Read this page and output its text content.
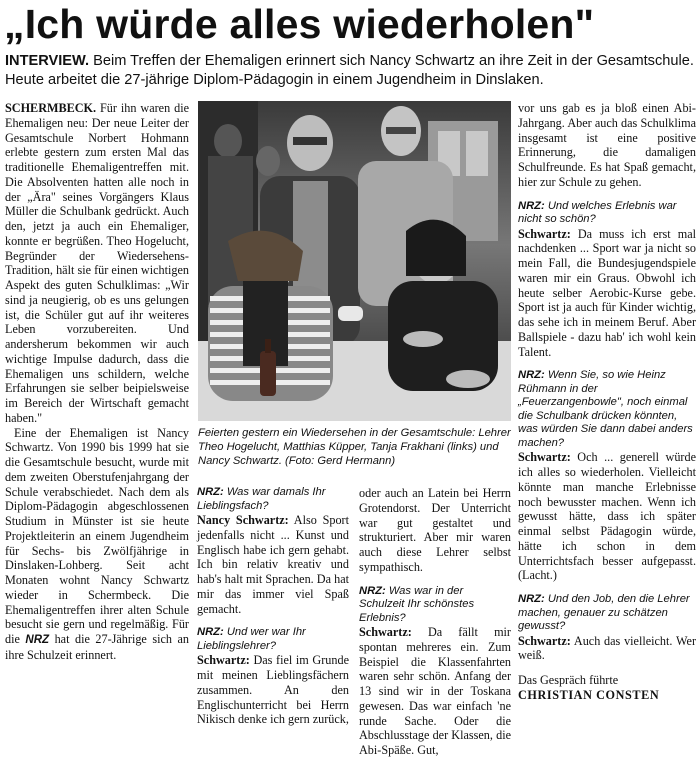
„Ich würde alles wiederholen"
INTERVIEW. Beim Treffen der Ehemaligen erinnert sich Nancy Schwartz an ihre Zeit in der Gesamtschule. Heute arbeitet die 27-jährige Diplom-Pädagogin in einem Jugendheim in Dinslaken.

SCHERMBECK. Für ihn waren die Ehemaligen neu: Der neue Leiter der Gesamtschule Norbert Hohmann erlebte gestern zum ersten Mal das traditionelle Ehemaligentreffen mit. Die Absolventen hatten alle noch in der „Ära" seines Vorgängers Klaus Müller die Schulbank gedrückt. Auch den, jetzt ja auch ein Ehemaliger, konnte er begrüßen. Theo Hogelucht, Begründer der Wiedersehens-Tradition, hält sie für einen wichtigen Aspekt des guten Schulklimas: „Wir sind ja neugierig, ob es uns gelungen ist, die Schüler gut auf ihr weiteres Leben vorzubereiten. Und andersherum bekommen wir auch wichtige Impulse dadurch, dass die Ehemaligen uns schildern, welche Erfahrungen sie selber beipielsweise im Bereich der Wirtschaft gemacht haben."

Eine der Ehemaligen ist Nancy Schwartz. Von 1990 bis 1999 hat sie die Gesamtschule besucht, wurde mit dem zweiten Oberstufenjahrgang der Schule verabschiedet. Nach dem als Diplom-Pädagogin abgeschlossenen Studium in Münster ist sie heute Projektleiterin an einem Jugendheim für Sechs- bis Zwölfjährige in Dinslaken-Lohberg. Seit acht Monaten wohnt Nancy Schwartz wieder in Schermbeck. Die Ehemaligentreffen ihrer alten Schule besucht sie gern und regelmäßig. Für die NRZ hat die 27-Jährige sich an ihre Schulzeit erinnert.

Feierten gestern ein Wiedersehen in der Gesamtschule: Lehrer Theo Hogelucht, Matthias Küpper, Tanja Frakhani (links) und Nancy Schwartz. (Foto: Gerd Hermann)

NRZ: Was war damals Ihr Lieblingsfach?

Nancy Schwartz: Also Sport jedenfalls nicht ... Kunst und Englisch habe ich gern gehabt. Ich bin relativ kreativ und hab's halt mit Sprachen. Da hat mir das immer viel Spaß gemacht.

NRZ: Und wer war Ihr Lieblingslehrer?

Schwartz: Das fiel im Grunde mit meinen Lieblingsfächern zusammen. An den Englischunterricht bei Herrn Nikisch denke ich gern zurück,

oder auch an Latein bei Herrn Grotendorst. Der Unterricht war gut gestaltet und strukturiert. Aber mir waren auch diese Lehrer selbst sympathisch.

NRZ: Was war in der Schulzeit Ihr schönstes Erlebnis?

Schwartz: Da fällt mir spontan mehreres ein. Zum Beispiel die Klassenfahrten waren sehr schön. Anfang der 13 sind wir in der Toskana gewesen. Das war einfach 'ne runde Sache. Oder die Abschlusstage der Klassen, die Abi-Späße. Gut,

vor uns gab es ja bloß einen Abi-Jahrgang. Aber auch das Schulklima insgesamt ist eine positive Erinnerung, die damaligen Schulfreunde. Es hat Spaß gemacht, hier zur Schule zu gehen.

NRZ: Und welches Erlebnis war nicht so schön?

Schwartz: Da muss ich erst mal nachdenken ... Sport war ja nicht so mein Fall, die Bundesjugendspiele waren mir ein Graus. Obwohl ich heute selber Aerobic-Kurse gebe. Sport ist ja auch für Kinder wichtig, das sehe ich in meinem Beruf. Aber Ballspiele - dazu hab' ich wohl kein Talent.

NRZ: Wenn Sie, so wie Heinz Rühmann in der „Feuerzangenbowle", noch einmal die Schulbank drücken könnten, was würden Sie dann dabei anders machen?

Schwartz: Och ... generell würde ich alles so wiederholen. Vielleicht könnte man manche Erlebnisse noch bewusster machen. Wenn ich gewusst hätte, dass ich später einmal selbst Pädagogin würde, hätte ich schon in dem Unterrichtsfach besser aufgepasst. (Lacht.)

NRZ: Und den Job, den die Lehrer machen, genauer zu schätzen gewusst?

Schwartz: Auch das vielleicht. Wer weiß.

Das Gespräch führte

CHRISTIAN CONSTEN
